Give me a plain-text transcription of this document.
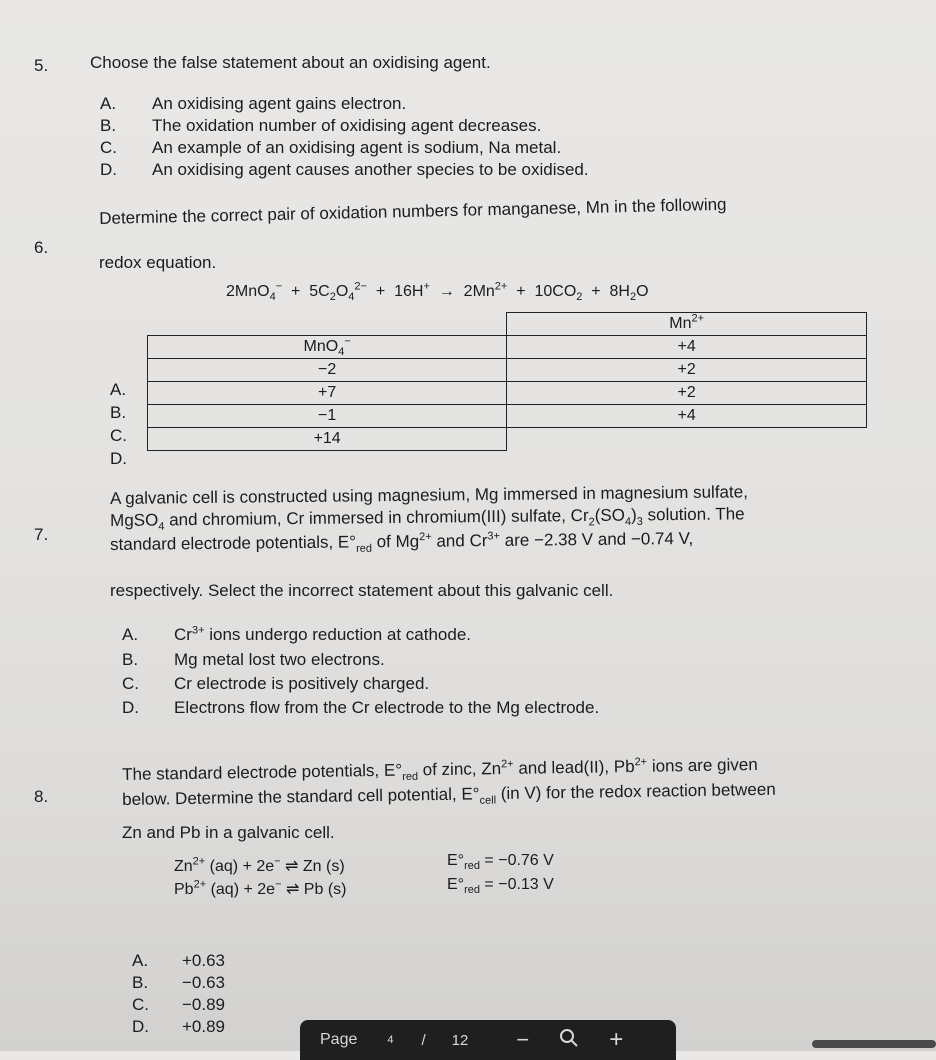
5. Choose the false statement about an oxidising agent.
A. An oxidising agent gains electron.
B. The oxidation number of oxidising agent decreases.
C. An example of an oxidising agent is sodium, Na metal.
D. An oxidising agent causes another species to be oxidised.
6.
Determine the correct pair of oxidation numbers for manganese, Mn in the following
redox equation.
$2MnO_4^- + 5C_2O_4^{2-} + 16H^+ \to 2Mn^{2+} + 10CO_2 + 8H_2O$
A.
B.
C.
D.
	$Mn^{2+}$
MnO$_4$−	+4
−2	+2
+7	+2
−1	+4
+14	
7.
A galvanic cell is constructed using magnesium, Mg immersed in magnesium sulfate,
MgSO$_4$ and chromium, Cr immersed in chromium(III) sulfate, $Cr_2(SO_4)_3$ solution. The
standard electrode potentials, $E^\circ_{red}$ of $Mg^{2+}$ and $Cr^{3+}$ are −2.38 V and −0.74 V,
respectively. Select the incorrect statement about this galvanic cell.
A. $Cr^{3+}$ ions undergo reduction at cathode.
B. Mg metal lost two electrons.
C. Cr electrode is positively charged.
D. Electrons flow from the Cr electrode to the Mg electrode.
8.
The standard electrode potentials, $E^\circ_{red}$ of zinc, $Zn^{2+}$ and lead(II), $Pb^{2+}$ ions are given
below. Determine the standard cell potential, $E^\circ_{cell}$ (in V) for the redox reaction between
Zn and Pb in a galvanic cell.
$Zn^{2+}$ (aq) + 2e− ⇌ Zn (s)	$E^\circ_{red} = -0.76$ V
$Pb^{2+}$ (aq) + 2e− ⇌ Pb (s)	$E^\circ_{red} = -0.13$ V
A. +0.63
B. −0.63
C. −0.89
D. +0.89
Page	4 / 12 −	+
